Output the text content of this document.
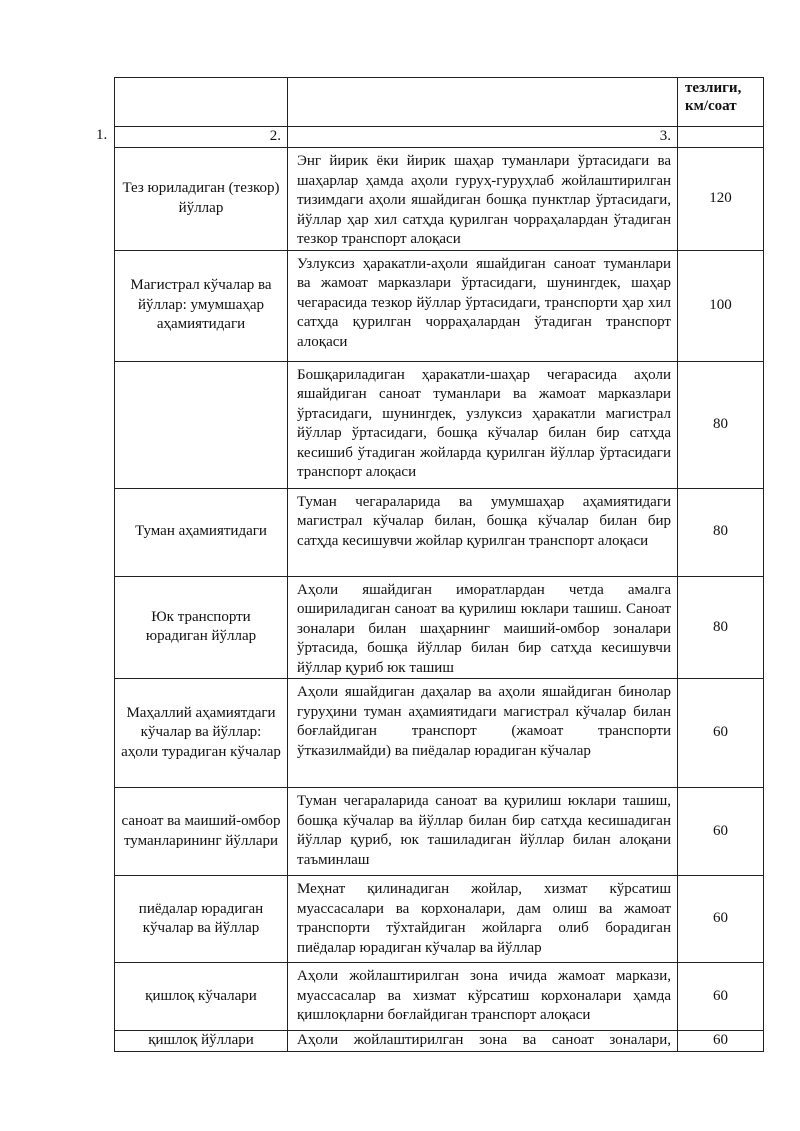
1.
		тезлиги, км/соат
2.	3.	
Тез юриладиган (тезкор) йўллар	Энг йирик ёки йирик шаҳар туманлари ўртасидаги ва шаҳарлар ҳамда аҳоли гуруҳ-гуруҳлаб жойлаштирилган тизимдаги аҳоли яшайдиган бошқа пунктлар ўртасидаги, йўллар ҳар хил сатҳда қурилган чорраҳалардан ўтадиган тезкор транспорт алоқаси	120
Магистрал кўчалар ва йўллар: умумшаҳар аҳамиятидаги	Узлуксиз ҳаракатли-аҳоли яшайдиган саноат туманлари ва жамоат марказлари ўртасидаги, шунингдек, шаҳар чегарасида тезкор йўллар ўртасидаги, транспорти ҳар хил сатҳда қурилган чорраҳалардан ўтадиган транспорт алоқаси	100

	Бошқариладиган ҳаракатли-шаҳар чегарасида аҳоли яшайдиган саноат туманлари ва жамоат марказлари ўртасидаги, шунингдек, узлуксиз ҳаракатли магистрал йўллар ўртасидаги, бошқа кўчалар билан бир сатҳда кесишиб ўтадиган жойларда қурилган йўллар ўртасидаги транспорт алоқаси	80
Туман аҳамиятидаги	Туман чегараларида ва умумшаҳар аҳамиятидаги магистрал кўчалар билан, бошқа кўчалар билан бир сатҳда кесишувчи жойлар қурилган транспорт алоқаси	80
Юк транспорти юрадиган йўллар	Аҳоли яшайдиган иморатлардан четда амалга ошириладиган саноат ва қурилиш юклари ташиш. Саноат зоналари билан шаҳарнинг маиший-омбор зоналари ўртасида, бошқа йўллар билан бир сатҳда кесишувчи йўллар қуриб юк ташиш	80
Маҳаллий аҳамиятдаги кўчалар ва йўллар: аҳоли турадиган кўчалар	Аҳоли яшайдиган даҳалар ва аҳоли яшайдиган бинолар гуруҳини туман аҳамиятидаги магистрал кўчалар билан боғлайдиган транспорт (жамоат транспорти ўтказилмайди) ва пиёдалар юрадиган кўчалар	60
саноат ва маиший-омбор туманларининг йўллари	Туман чегараларида саноат ва қурилиш юклари ташиш, бошқа кўчалар ва йўллар билан бир сатҳда кесишадиган йўллар қуриб, юк ташиладиган йўллар билан алоқани таъминлаш	60
пиёдалар юрадиган кўчалар ва йўллар	Меҳнат қилинадиган жойлар, хизмат кўрсатиш муассасалари ва корхоналари, дам олиш ва жамоат транспорти тўхтайдиган жойларга олиб борадиган пиёдалар юрадиган кўчалар ва йўллар	60
қишлоқ кўчалари	Аҳоли жойлаштирилган зона ичида жамоат маркази, муассасалар ва хизмат кўрсатиш корхоналари ҳамда қишлоқларни боғлайдиган транспорт алоқаси	60
қишлоқ йўллари	Аҳоли жойлаштирилган зона ва саноат зоналари,	60
